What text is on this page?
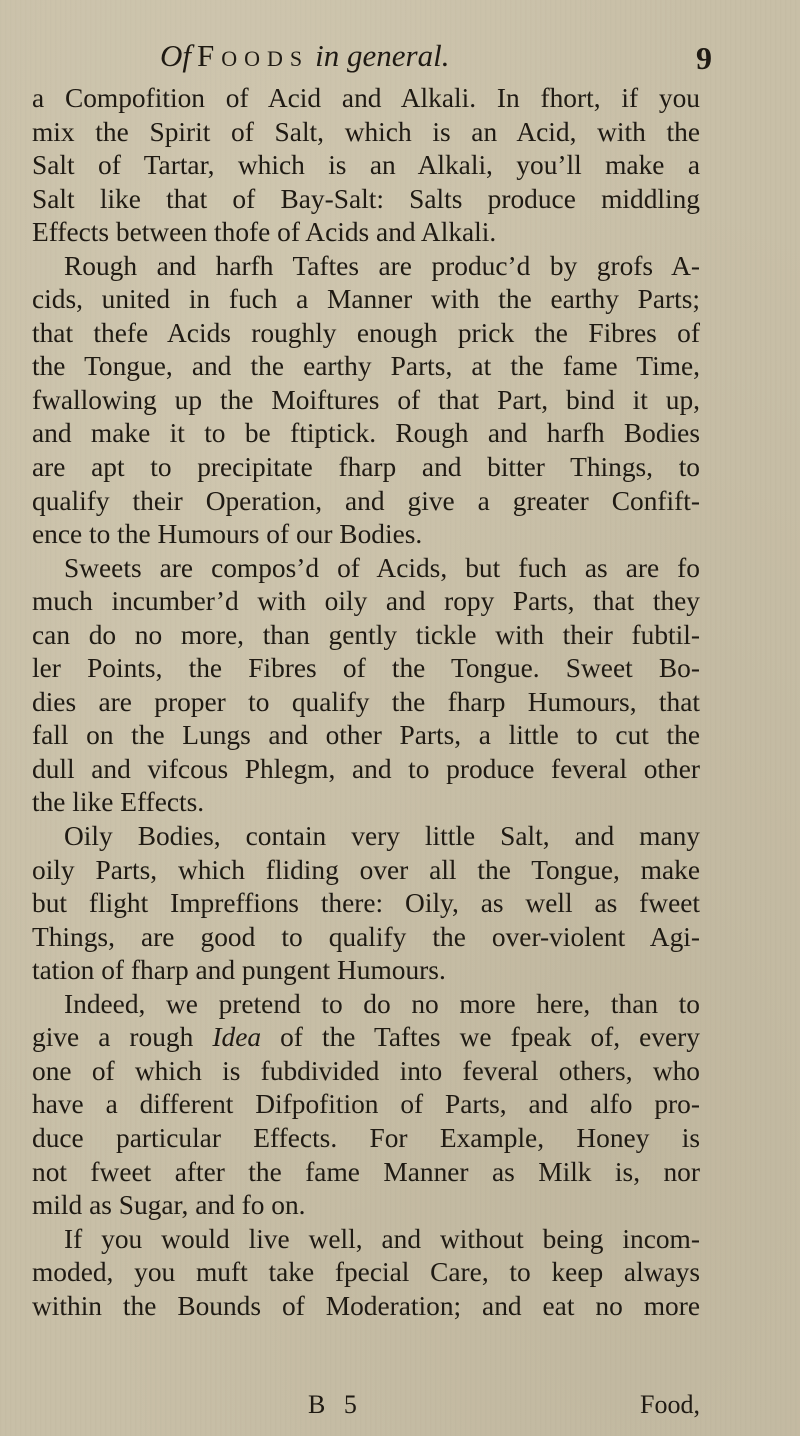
Of Foods in general.	9
a Compofition of Acid and Alkali. In fhort, if you
mix the Spirit of Salt, which is an Acid, with the
Salt of Tartar, which is an Alkali, you’ll make a
Salt like that of Bay-Salt: Salts produce middling
Effects between thofe of Acids and Alkali.
Rough and harfh Taftes are produc’d by grofs A-
cids, united in fuch a Manner with the earthy Parts;
that thefe Acids roughly enough prick the Fibres of
the Tongue, and the earthy Parts, at the fame Time,
fwallowing up the Moiftures of that Part, bind it up,
and make it to be ftiptick. Rough and harfh Bodies
are apt to precipitate fharp and bitter Things, to
qualify their Operation, and give a greater Confift-
ence to the Humours of our Bodies.
Sweets are compos’d of Acids, but fuch as are fo
much incumber’d with oily and ropy Parts, that they
can do no more, than gently tickle with their fubtil-
ler Points, the Fibres of the Tongue. Sweet Bo-
dies are proper to qualify the fharp Humours, that
fall on the Lungs and other Parts, a little to cut the
dull and vifcous Phlegm, and to produce feveral other
the like Effects.
Oily Bodies, contain very little Salt, and many
oily Parts, which fliding over all the Tongue, make
but flight Impreffions there: Oily, as well as fweet
Things, are good to qualify the over-violent Agi-
tation of fharp and pungent Humours.
Indeed, we pretend to do no more here, than to
give a rough Idea of the Taftes we fpeak of, every
one of which is fubdivided into feveral others, who
have a different Difpofition of Parts, and alfo pro-
duce particular Effects. For Example, Honey is
not fweet after the fame Manner as Milk is, nor
mild as Sugar, and fo on.
If you would live well, and without being incom-
moded, you muft take fpecial Care, to keep always
within the Bounds of Moderation; and eat no more
B 5	Food,
